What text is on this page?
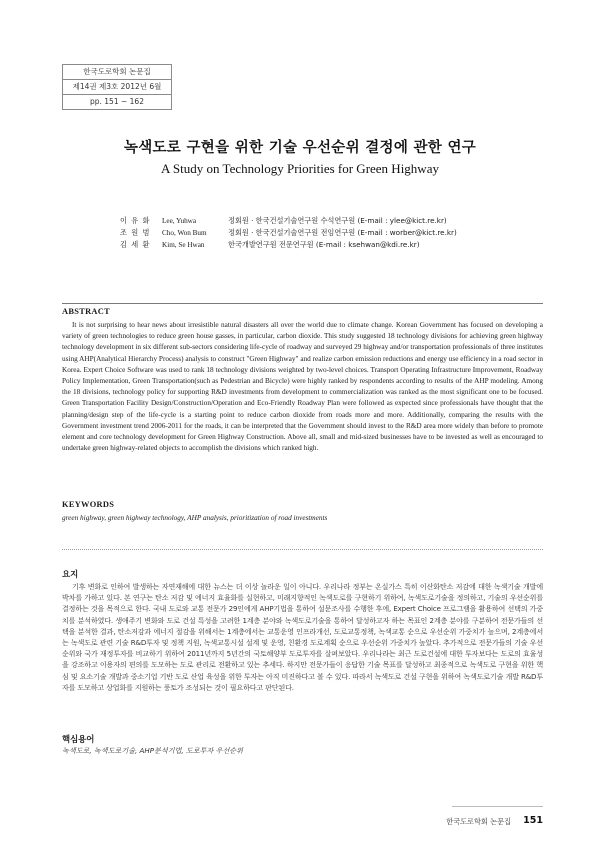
한국도로학회 논문집
제14권 제3호 2012년 6월
pp. 151 ~ 162
녹색도로 구현을 위한 기술 우선순위 결정에 관한 연구
A Study on Technology Priorities for Green Highway
이 유 화 Lee, Yuhwa	정회원 · 한국건설기술연구원 수석연구원 (E-mail : ylee@kict.re.kr)
조 원 범 Cho, Won Bum	정회원 · 한국건설기술연구원 전임연구원 (E-mail : worber@kict.re.kr)
김 세 환 Kim, Se Hwan	한국개발연구원 전문연구원 (E-mail : ksehwan@kdi.re.kr)
ABSTRACT
It is not surprising to hear news about irresistible natural disasters all over the world due to climate change. Korean Government has focused on developing a variety of green technologies to reduce green house gasses, in particular, carbon dioxide. This study suggested 18 technology divisions for achieving green highway technology development in six different sub-sectors considering life-cycle of roadway and surveyed 29 highway and/or transportation professionals of three institutes using AHP(Analytical Hierarchy Process) analysis to construct "Green Highway" and realize carbon emission reductions and energy use efficiency in a road sector in Korea. Expert Choice Software was used to rank 18 technology divisions weighted by two-level choices. Transport Operating Infrastructure Improvement, Roadway Policy Implementation, Green Transportation(such as Pedestrian and Bicycle) were highly ranked by respondents according to results of the AHP modeling. Among the 18 divisions, technology policy for supporting R&D investments from development to commercialization was ranked as the most significant one to be focused. Green Transportation Facility Design/Construction/Operation and Eco-Friendly Roadway Plan were followed as expected since professionals have thought that the planning/design step of the life-cycle is a starting point to reduce carbon dioxide from roads more and more. Additionally, comparing the results with the Government investment trend 2006-2011 for the roads, it can be interpreted that the Government should invest to the R&D area more widely than before to promote element and core technology development for Green Highway Construction. Above all, small and mid-sized businesses have to be invested as well as encouraged to undertake green highway-related objects to accomplish the divisions which ranked high.
KEYWORDS
green highway, green highway technology, AHP analysis, prioritization of road investments
요지
기후 변화로 인하여 발생하는 자연재해에 대한 뉴스는 더 이상 놀라운 일이 아니다. 우리나라 정부는 온실가스 특히 이산화탄소 저감에 대한 녹색기술 개발에 박차를 가하고 있다. 본 연구는 탄소 저감 및 에너지 효율화를 실현하고, 미래지향적인 녹색도로를 구현하기 위하여, 녹색도로기술을 정의하고, 기술의 우선순위를 결정하는 것을 목적으로 한다. 국내 도로와 교통 전문가 29인에게 AHP기법을 통하여 설문조사를 수행한 후에, Expert Choice 프로그램을 활용하여 선택의 가중치를 분석하였다. 생애주기 변화와 도로 건설 특성을 고려한 1계층 분야와 녹색도로기술을 통하여 달성하고자 하는 목표인 2계층 분야를 구분하여 전문가들의 선택을 분석한 결과, 탄소저감과 에너지 절감을 위해서는 1계층에서는 교통운영 인프라개선, 도로교통정책, 녹색교통 순으로 우선순위 가중치가 높으며, 2계층에서는 녹색도로 관련 기술 R&D투자 및 정책 지원, 녹색교통시설 설계 및 운영, 친환경 도로계획 순으로 우선순위 가중치가 높았다. 추가적으로 전문가들의 기술 우선순위와 국가 재정투자를 비교하기 위하여 2011년까지 5년간의 국토해양부 도로투자를 살펴보았다. 우리나라는 최근 도로건설에 대한 투자보다는 도로의 효율성을 강조하고 이용자의 편의를 도모하는 도로 관리로 전환하고 있는 추세다. 하지만 전문가들이 응답한 기술 목표를 달성하고 최종적으로 녹색도로 구현을 위한 핵심 및 요소기술 개발과 중소기업 기반 도로 산업 육성을 위한 투자는 아직 미진하다고 볼 수 있다. 따라서 녹색도로 건설 구현을 위하여 녹색도로기술 개발 R&D투자를 도모하고 상업화를 지원하는 풍토가 조성되는 것이 필요하다고 판단된다.
핵심용어
녹색도로, 녹색도로기술, AHP분석기법, 도로투자 우선순위
한국도로학회 논문집 151
